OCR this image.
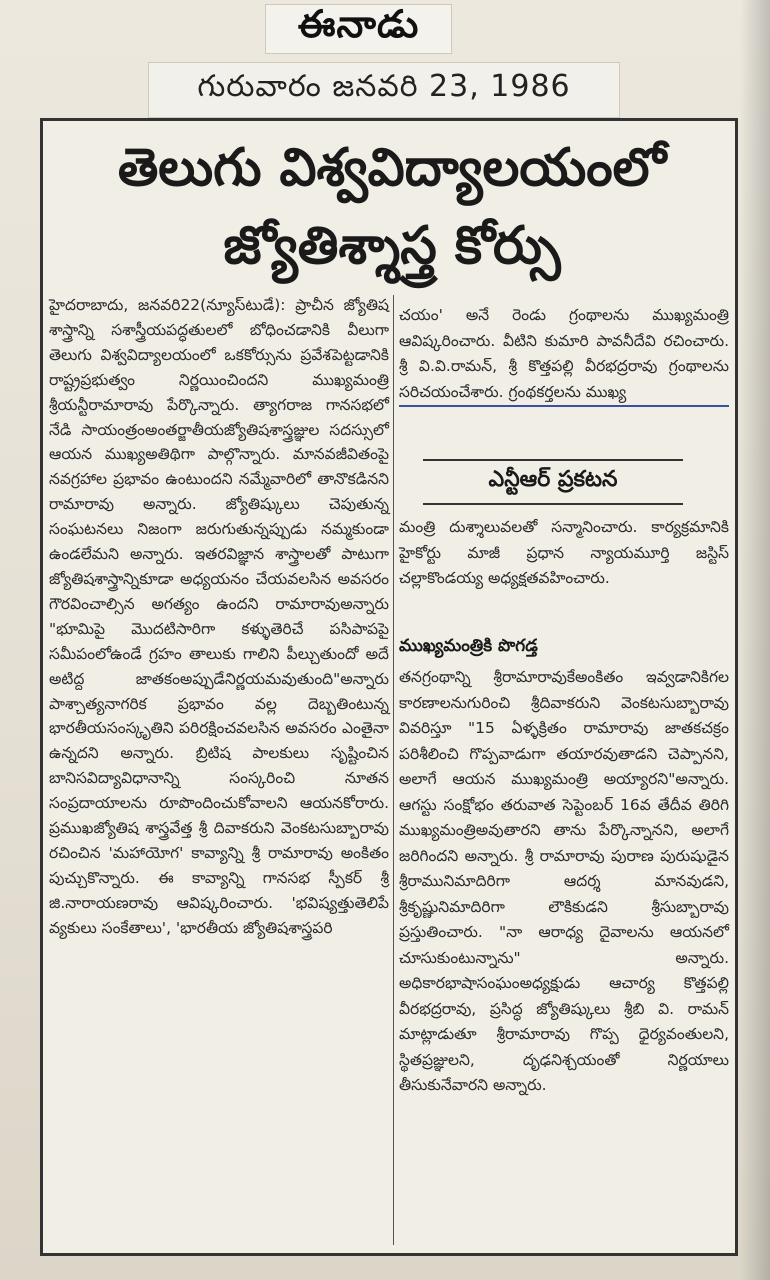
ఈనాడు
గురువారం జనవరి 23, 1986
తెలుగు విశ్వవిద్యాలయంలో
జ్యోతిశ్శాస్త్ర కోర్సు

హైదరాబాదు, జనవరి22(న్యూస్‌టుడే): ప్రాచీన జ్యోతిష శాస్త్రాన్ని సశాస్త్రీయపద్ధతులలో బోధించడానికి వీలుగా తెలుగు విశ్వవిద్యాలయంలో ఒకకోర్సును ప్రవేశపెట్టడానికి రాష్ట్రప్రభుత్వం నిర్ణయించిందని ముఖ్యమంత్రి శ్రీయన్టీరామారావు పేర్కొన్నారు. త్యాగరాజ గానసభలో నేడి సాయంత్రంఅంతర్జాతీయజ్యోతిషశాస్త్రజ్ఞుల సదస్సులో ఆయన ముఖ్యఅతిథిగా పాల్గొన్నారు. మానవజీవితంపై నవగ్రహాల ప్రభావం ఉంటుందని నమ్మేవారిలో తానొకడినని రామారావు అన్నారు. జ్యోతిష్కులు చెపుతున్న సంఘటనలు నిజంగా జరుగుతున్నప్పుడు నమ్మకుండా ఉండలేమని అన్నారు. ఇతరవిజ్ఞాన శాస్త్రాలతో పాటుగా జ్యోతిషశాస్త్రాన్నికూడా అధ్యయనం చేయవలసిన అవసరం గౌరవించాల్సిన అగత్యం ఉందని రామారావుఅన్నారు "భూమిపై మొదటిసారిగా కళ్ళుతెరిచే పసిపాపపై సమీపంలోఉండే గ్రహం తాలుకు గాలిని పీల్చుతుందో అదే అటిద్ద జాతకంఅప్పుడేనిర్ణయమవుతుంది"అన్నారు పాశ్చాత్యనాగరిక ప్రభావం వల్ల దెబ్బతింటున్న భారతీయసంస్కృతిని పరిరక్షించవలసిన అవసరం ఎంతైనా ఉన్నదని అన్నారు. బ్రిటిష పాలకులు సృష్టించిన బానిసవిద్యావిధానాన్ని సంస్కరించి నూతన సంప్రదాయాలను రూపొందించుకోవాలని ఆయనకోరారు. ప్రముఖజ్యోతిష శాస్త్రవేత్త శ్రీ దివాకరుని వెంకటసుబ్బారావు రచించిన 'మహాయోగ' కావ్యాన్ని శ్రీ రామారావు అంకితం పుచ్చుకొన్నారు. ఈ కావ్యాన్ని గానసభ స్పీకర్ శ్రీ జి.నారాయణరావు ఆవిష్కరించారు. 'భవిష్యత్తుతెలిపే వ్యకులు సంకేతాలు', 'భారతీయ జ్యోతిషశాస్త్రపరి

చయం' అనే రెండు గ్రంథాలను ముఖ్యమంత్రి ఆవిష్కరించారు. వీటిని కుమారి పావనీదేవి రచించారు. శ్రీ వి.వి.రామన్, శ్రీ కొత్తపల్లి వీరభద్రరావు గ్రంథాలను సరిచయంచేశారు. గ్రంథకర్తలను ముఖ్య

ఎన్టీఆర్ ప్రకటన

మంత్రి దుశ్శాలువలతో సన్మానించారు. కార్యక్రమానికి హైకోర్టు మాజీ ప్రధాన న్యాయమూర్తి జస్టిస్ చల్లాకొండయ్య అధ్యక్షతవహించారు.

ముఖ్యమంత్రికి పొగడ్త

తనగ్రంథాన్ని శ్రీరామారావుకేఅంకితం ఇవ్వడానికిగల కారణాలనుగురించి శ్రీదివాకరుని వెంకటసుబ్బారావు వివరిస్తూ "15 ఏళ్ళక్రితం రామారావు జాతకచక్రం పరిశీలించి గొప్పవాడుగా తయారవుతాడని చెప్పానని, అలాగే ఆయన ముఖ్యమంత్రి అయ్యారని"అన్నారు. ఆగస్టు సంక్షోభం తరువాత సెప్టెంబర్ 16వ తేదీవ తిరిగి ముఖ్యమంత్రిఅవుతారని తాను పేర్కొన్నానని, అలాగే జరిగిందని అన్నారు. శ్రీ రామారావు పురాణ పురుషుడైన శ్రీరామునిమాదిరిగా ఆదర్శ మానవుడని, శ్రీకృష్ణునిమాదిరిగా లౌకికుడని శ్రీసుబ్బారావు ప్రస్తుతించారు. "నా ఆరాధ్య దైవాలను ఆయనలో చూసుకుంటున్నాను" అన్నారు. అధికారభాషాసంఘంఅధ్యక్షుడు ఆచార్య కొత్తపల్లి వీరభద్రరావు, ప్రసిద్ధ జ్యోతిష్కులు శ్రీబి వి. రామన్ మాట్లాడుతూ శ్రీరామారావు గొప్ప ధైర్యవంతులని, స్థితప్రజ్ఞులని, దృఢనిశ్చయంతో నిర్ణయాలు తీసుకునేవారని అన్నారు.
